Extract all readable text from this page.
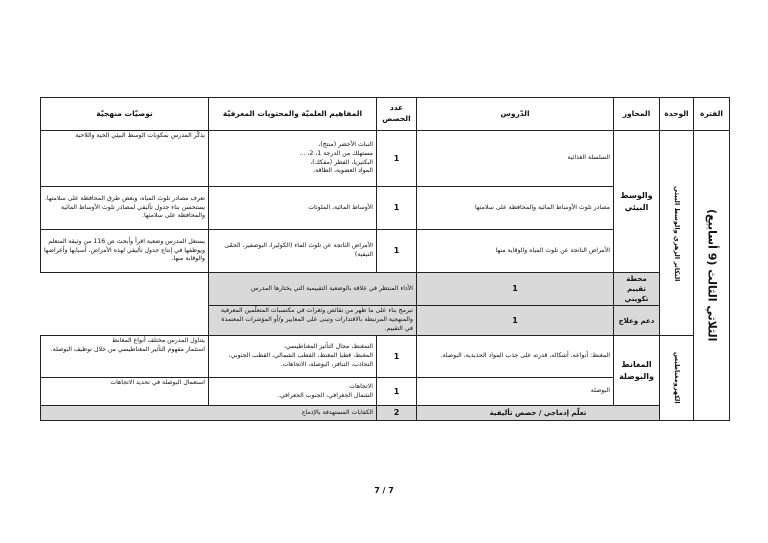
الفترة	الوحدة	المحاور	الدّروس	عدد الحصص	المفاهيم العلميّة والمحتويات المعرفيّة	توصيّات منهجيّة
الثلاثي الثالث (9 أسابيع)	التكاثر الزهري والوسط البيئي	والوسط البيئي	السلسلة الغذائية	1	النبات الأخضر (منتج)،
مستهلك من الدرجة 1، 2، ...
البكتيريا، الفطر (مفكك)،
المواد العضوية، الطاقة.	يذكّر المدرس بمكونات الوسط البيئي الحية واللاحية
			مصادر تلوث الأوساط المائية والمحافظة على سلامتها	1	الأوساط المائية، الملوثات	تعرف مصادر تلوث المياه، وبعض طرق المحافظة على سلامتها. يستحسن بناء جدول تأليفي لمصادر تلوث الأوساط المائية والمحافظة على سلامتها.
			الأمراض الناتجة عن تلوث المياه والوقاية منها	1	الأمراض الناتجة عن تلوث الماء (الكوليرا، البوصفير، الحمّى التيفية)	يستغل المدرس وضعية اقرأ وأبحث ص 116 من وثيقة المتعلم ويوظفها في إنتاج جدول تأليفي لهذه الأمراض، أسبابها وأعراضها والوقاية منها.
		محطة تقييم تكويني	1	الأداء المنتظر في علاقة بالوضعية التقييمية التي يختارها المدرس		
		دعم وعلاج	1	تبرمج بناء على ما ظهر من نقائص وثغرات في مكتسبات المتعلّمين المعرفية والمنهجية المرتبطة بالاقتدارات وتبنى على المعايير و/أو المؤشرات المعتمدة في التقييم.		
	الكهرومغناطيس	المغانط والبوصلة	المغنط: أنواعه، أشكاله، قدرته على جذب المواد الحديدية، البوصلة.	1	التمغنط، مجال التأثير المغناطيسي،
المغنط، قطبا المغنط، القطب الشمالي، القطب الجنوبي،
التجاذب، التنافر، البوصلة، الاتجاهات.	يتناول المدرس مختلف أنواع المغانط
استثمار مفهوم التأثير المغناطيسي من خلال توظيف البوصلة.

			البوصلة	1	الاتجاهات
الشمال الجغرافي، الجنوب الجغرافي.	استعمال البوصلة في تحديد الاتجاهات
		تعلّم إدماجي / حصص تأليفية		2	الكفايات المستهدفة بالإدماج	
7 / 7
